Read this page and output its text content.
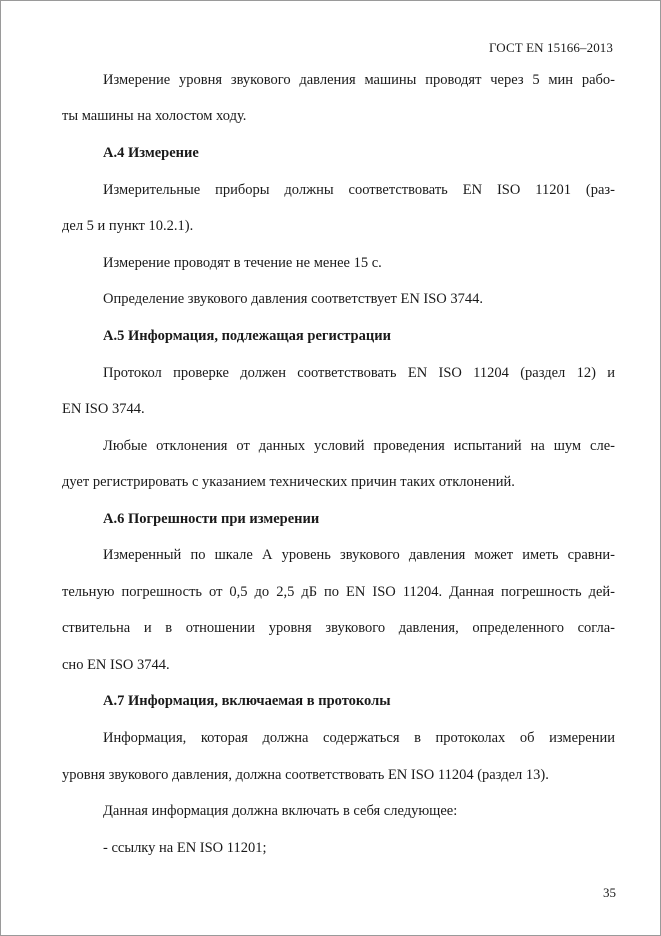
ГОСТ EN 15166–2013
Измерение уровня звукового давления машины проводят через 5 мин рабо-
ты машины на холостом ходу.
А.4 Измерение
Измерительные приборы должны соответствовать EN ISO 11201 (раз-
дел 5 и пункт 10.2.1).
Измерение проводят в течение не менее 15 с.
Определение звукового давления соответствует EN ISO 3744.
А.5 Информация, подлежащая регистрации
Протокол проверке должен соответствовать EN ISO 11204 (раздел 12) и
EN ISO 3744.
Любые отклонения от данных условий проведения испытаний на шум сле-
дует регистрировать с указанием технических причин таких отклонений.
А.6 Погрешности при измерении
Измеренный по шкале А уровень звукового давления может иметь сравни-
тельную погрешность от 0,5 до 2,5 дБ по EN ISO 11204. Данная погрешность дей-
ствительна и в отношении уровня звукового давления, определенного согла-
сно EN ISO 3744.
А.7 Информация, включаемая в протоколы
Информация, которая должна содержаться в протоколах об измерении
уровня звукового давления, должна соответствовать EN ISO 11204 (раздел 13).
Данная информация должна включать в себя следующее:
- ссылку на EN ISO 11201;
35
